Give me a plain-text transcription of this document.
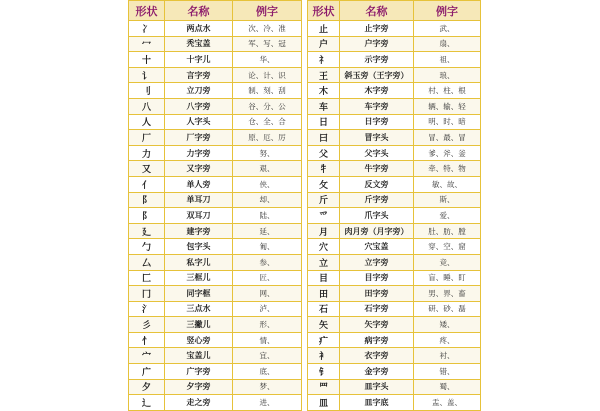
形状	名称	例字
冫	两点水	次、冷、准
冖	秃宝盖	军、写、冠
十	十字儿	华、
讠	言字旁	论、计、识
刂	立刀旁	制、刻、刮
八	八字旁	谷、分、公
人	人字头	仓、全、合
厂	厂字旁	原、厄、厉
力	力字旁	努、
又	又字旁	艰、
亻	单人旁	侠、
阝	单耳刀	却、
阝	双耳刀	陆、
廴	建字旁	延、
勹	包字头	匍、
厶	私字儿	参、
匚	三框儿	匠、
冂	同字框	网、
氵	三点水	泸、
彡	三撇儿	形、
忄	竖心旁	情、
宀	宝盖儿	宜、
广	广字旁	底、
夕	夕字旁	梦、
辶	走之旁	进、
形状	名称	例字
止	止字旁	武、
户	户字旁	扇、
礻	示字旁	祖、
王	斜玉旁（王字旁）	琅、
木	木字旁	村、柱、根
车	车字旁	辆、输、轻
日	日字旁	明、时、暗
曰	冒字头	冒、最、冒
父	父字头	爹、斧、釜
牜	牛字旁	牵、特、物
攵	反文旁	敏、故、
斤	斤字旁	斯、
爫	爪字头	爱、
月	肉月旁（月字旁）	肚、肪、膛
穴	穴宝盖	穿、空、窟
立	立字旁	竞、
目	目字旁	盲、睡、盯
田	田字旁	男、界、畜
石	石字旁	研、砂、磊
矢	矢字旁	矮、
疒	病字旁	疼、
衤	衣字旁	衬、
钅	金字旁	错、
罒	皿字头	蜀、
皿	皿字底	盂、盖、
